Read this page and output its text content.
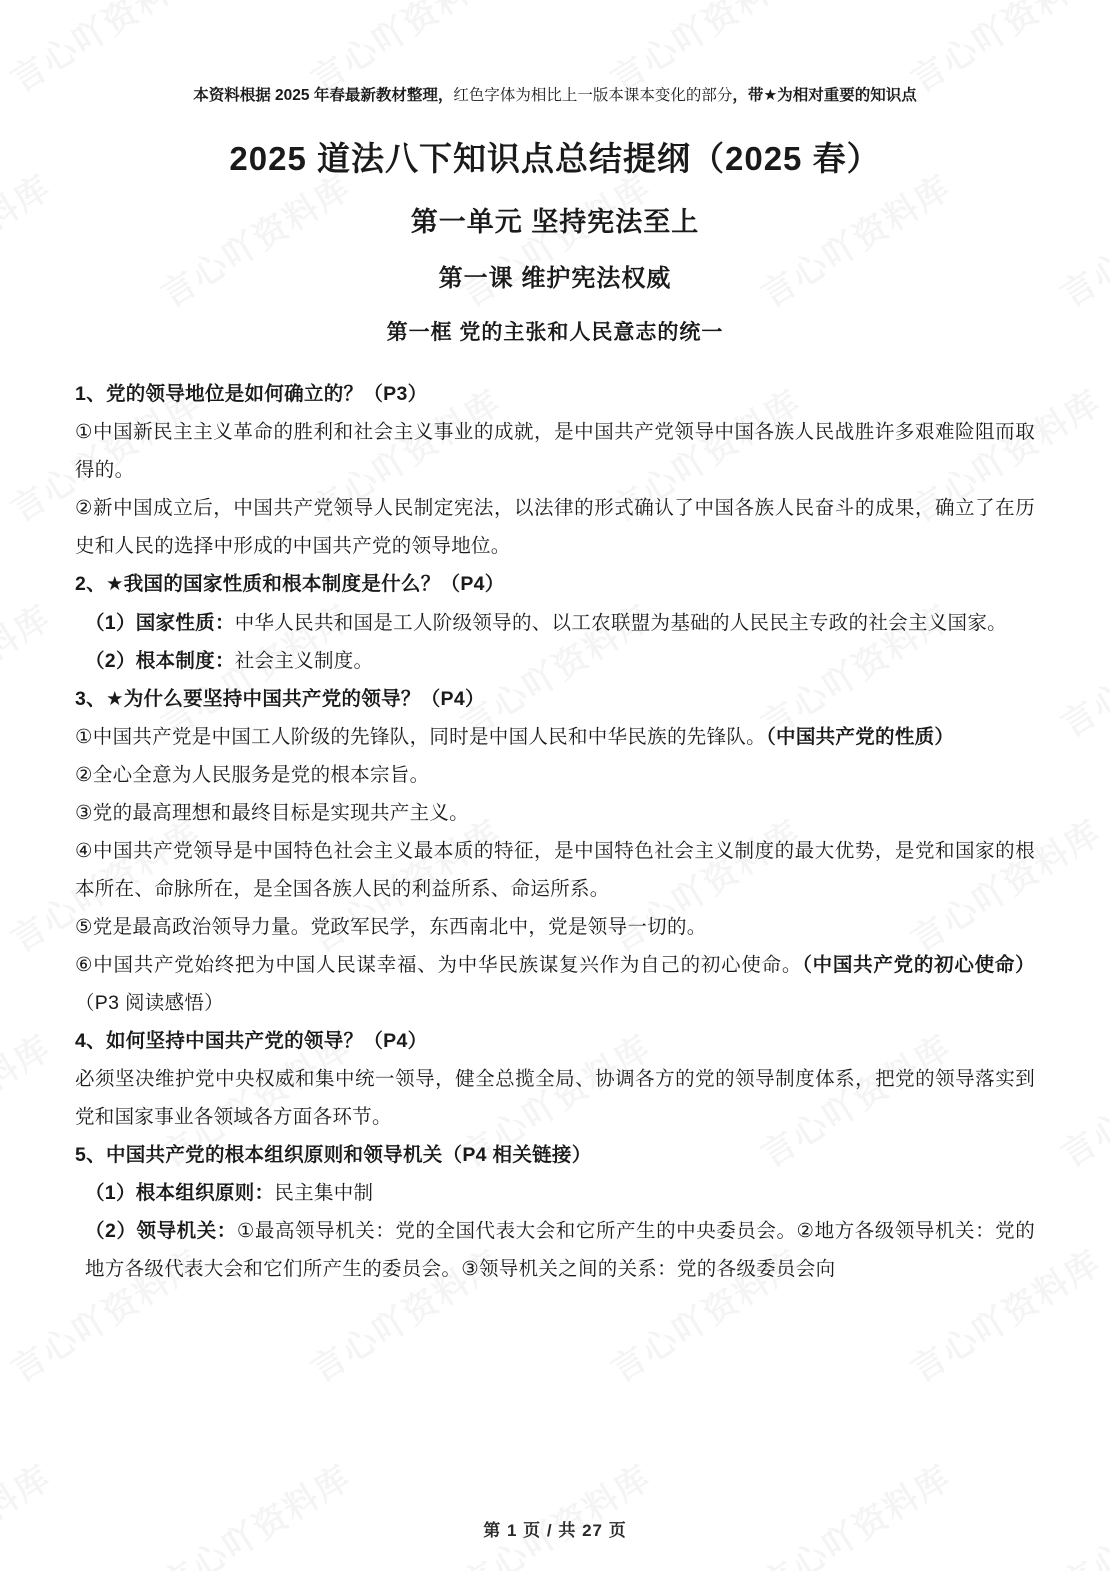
本资料根据 2025 年春最新教材整理，红色字体为相比上一版本课本变化的部分，带★为相对重要的知识点
2025 道法八下知识点总结提纲（2025 春）
第一单元 坚持宪法至上
第一课 维护宪法权威
第一框 党的主张和人民意志的统一
1、党的领导地位是如何确立的？（P3）
①中国新民主主义革命的胜利和社会主义事业的成就，是中国共产党领导中国各族人民战胜许多艰难险阻而取得的。
②新中国成立后，中国共产党领导人民制定宪法，以法律的形式确认了中国各族人民奋斗的成果，确立了在历史和人民的选择中形成的中国共产党的领导地位。
2、★我国的国家性质和根本制度是什么？（P4）
（1）国家性质：中华人民共和国是工人阶级领导的、以工农联盟为基础的人民民主专政的社会主义国家。
（2）根本制度：社会主义制度。
3、★为什么要坚持中国共产党的领导？（P4）
①中国共产党是中国工人阶级的先锋队，同时是中国人民和中华民族的先锋队。（中国共产党的性质）
②全心全意为人民服务是党的根本宗旨。
③党的最高理想和最终目标是实现共产主义。
④中国共产党领导是中国特色社会主义最本质的特征，是中国特色社会主义制度的最大优势，是党和国家的根本所在、命脉所在，是全国各族人民的利益所系、命运所系。
⑤党是最高政治领导力量。党政军民学，东西南北中，党是领导一切的。
⑥中国共产党始终把为中国人民谋幸福、为中华民族谋复兴作为自己的初心使命。（中国共产党的初心使命）（P3 阅读感悟）
4、如何坚持中国共产党的领导？（P4）
必须坚决维护党中央权威和集中统一领导，健全总揽全局、协调各方的党的领导制度体系，把党的领导落实到党和国家事业各领域各方面各环节。
5、中国共产党的根本组织原则和领导机关（P4 相关链接）
（1）根本组织原则：民主集中制
（2）领导机关：①最高领导机关：党的全国代表大会和它所产生的中央委员会。②地方各级领导机关：党的地方各级代表大会和它们所产生的委员会。③领导机关之间的关系：党的各级委员会向
第 1 页 / 共 27 页
